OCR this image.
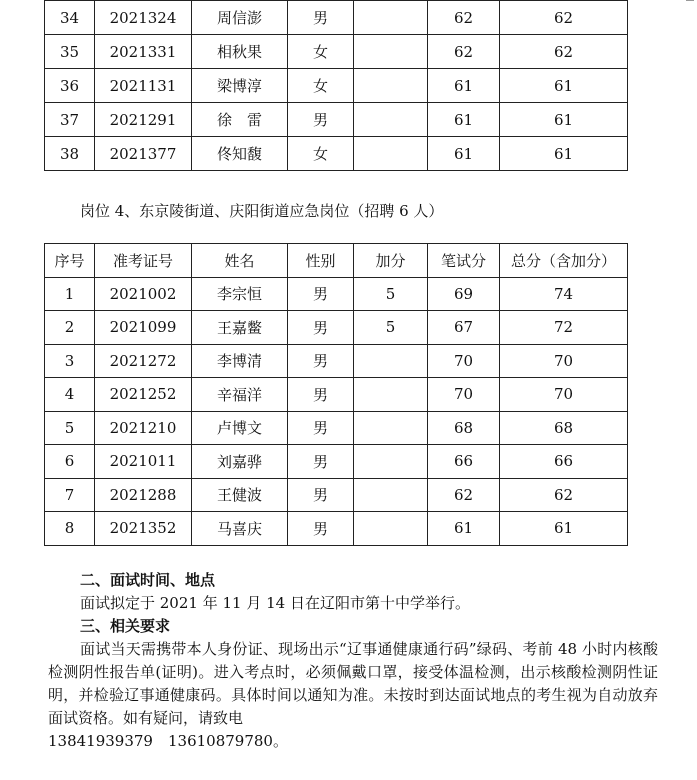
34	2021324	周信澎	男		62	62
35	2021331	相秋果	女		62	62
36	2021131	梁博淳	女		61	61
37	2021291	徐　雷	男		61	61
38	2021377	佟知馥	女		61	61
岗位 4、东京陵街道、庆阳街道应急岗位（招聘 6 人）
序号	准考证号	姓名	性别	加分	笔试分	总分（含加分）
1	2021002	李宗恒	男	5	69	74
2	2021099	王嘉鳖	男	5	67	72
3	2021272	李博清	男		70	70
4	2021252	辛福洋	男		70	70
5	2021210	卢博文	男		68	68
6	2021011	刘嘉骅	男		66	66
7	2021288	王健波	男		62	62
8	2021352	马喜庆	男		61	61
二、面试时间、地点
面试拟定于 2021 年 11 月 14 日在辽阳市第十中学举行。
三、相关要求
面试当天需携带本人身份证、现场出示“辽事通健康通行码”绿码、考前 48 小时内核酸检测阴性报告单(证明)。进入考点时，必须佩戴口罩，接受体温检测，出示核酸检测阴性证明，并检验辽事通健康码。具体时间以通知为准。未按时到达面试地点的考生视为自动放弃面试资格。如有疑问，请致电
13841939379　13610879780。
